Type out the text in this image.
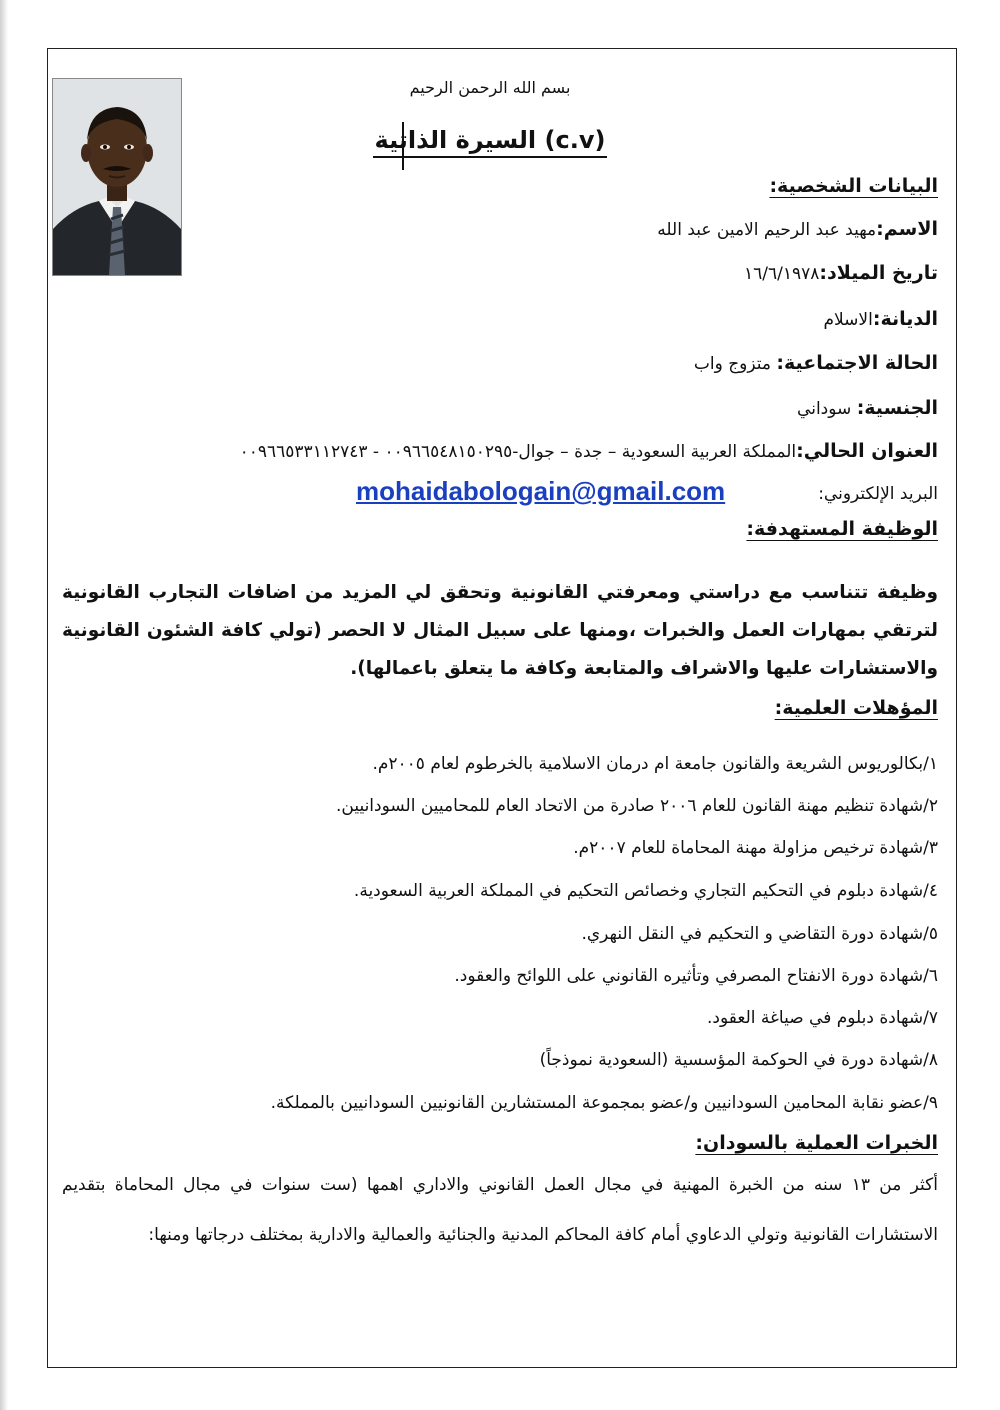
بسم الله الرحمن الرحيم
السيرة الذاتية (c.v)
البيانات الشخصية:
الاسم:مهيد عبد الرحيم الامين عبد الله
تاريخ الميلاد:١٦/٦/١٩٧٨
الديانة:الاسلام
الحالة الاجتماعية: متزوج واب
الجنسية: سوداني
العنوان الحالي:المملكة العربية السعودية – جدة – جوال-٠٠٩٦٦٥٤٨١٥٠٢٩٥ - ٠٠٩٦٦٥٣٣١١٢٧٤٣
البريد الإلكتروني:
mohaidabologain@gmail.com
الوظيفة المستهدفة:
وظيفة تتناسب مع دراستي ومعرفتي القانونية وتحقق لي المزيد من اضافات التجارب القانونية لترتقي بمهارات العمل والخبرات ،ومنها على سبيل المثال لا الحصر (تولي كافة الشئون القانونية والاستشارات عليها والاشراف والمتابعة وكافة ما يتعلق باعمالها).
المؤهلات العلمية:
١/بكالوريوس الشريعة والقانون جامعة ام درمان الاسلامية بالخرطوم لعام ٢٠٠٥م.
٢/شهادة تنظيم مهنة القانون للعام ٢٠٠٦ صادرة من الاتحاد العام للمحاميين السودانيين.
٣/شهادة ترخيص مزاولة مهنة المحاماة للعام ٢٠٠٧م.
٤/شهادة دبلوم في التحكيم التجاري وخصائص التحكيم في المملكة العربية السعودية.
٥/شهادة دورة التقاضي و التحكيم في النقل النهري.
٦/شهادة دورة الانفتاح المصرفي وتأثيره القانوني على اللوائح والعقود.
٧/شهادة دبلوم في صياغة العقود.
٨/شهادة دورة في الحوكمة المؤسسية (السعودية نموذجاً)
٩/عضو نقابة المحامين السودانيين و/عضو بمجموعة المستشارين القانونيين السودانيين بالمملكة.
الخبرات العملية بالسودان:
أكثر من ١٣ سنه من الخبرة المهنية في مجال العمل القانوني والاداري اهمها (ست سنوات في مجال المحاماة بتقديم الاستشارات القانونية وتولي الدعاوي أمام كافة المحاكم المدنية والجنائية والعمالية والادارية بمختلف درجاتها ومنها:
